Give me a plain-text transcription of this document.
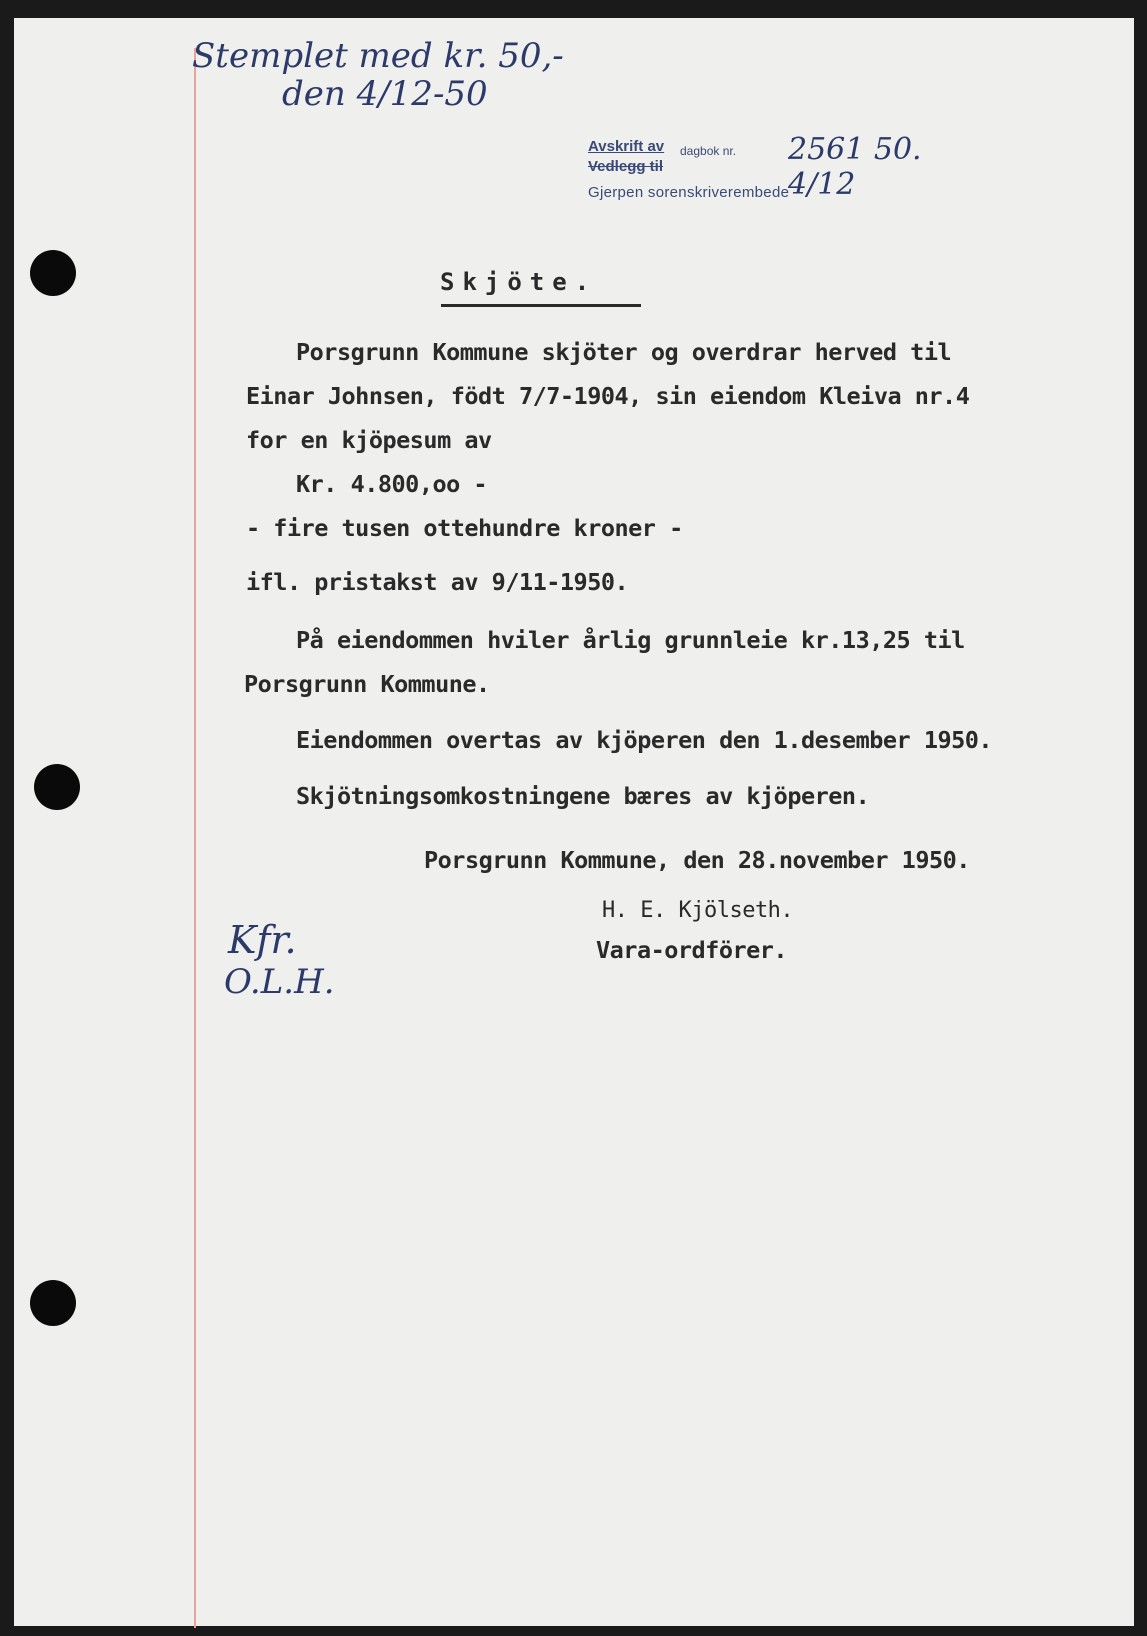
Stemplet med kr. 50,-
den 4/12-50
Avskrift av dagbok nr.
Vedlegg til
Gjerpen sorenskriverembede
2561 50. 4/12
Skjöte.
Porsgrunn Kommune skjöter og overdrar herved til
Einar Johnsen, födt 7/7-1904, sin eiendom Kleiva nr.4
for en kjöpesum av
Kr. 4.800,oo -
- fire tusen ottehundre kroner -
ifl. pristakst av 9/11-1950.
På eiendommen hviler årlig grunnleie kr.13,25 til
Porsgrunn Kommune.
Eiendommen overtas av kjöperen den 1.desember 1950.
Skjötningsomkostningene bæres av kjöperen.
Porsgrunn Kommune, den 28.november 1950.
H. E. Kjölseth.
Vara-ordförer.
Kfr.
O.L.H.
